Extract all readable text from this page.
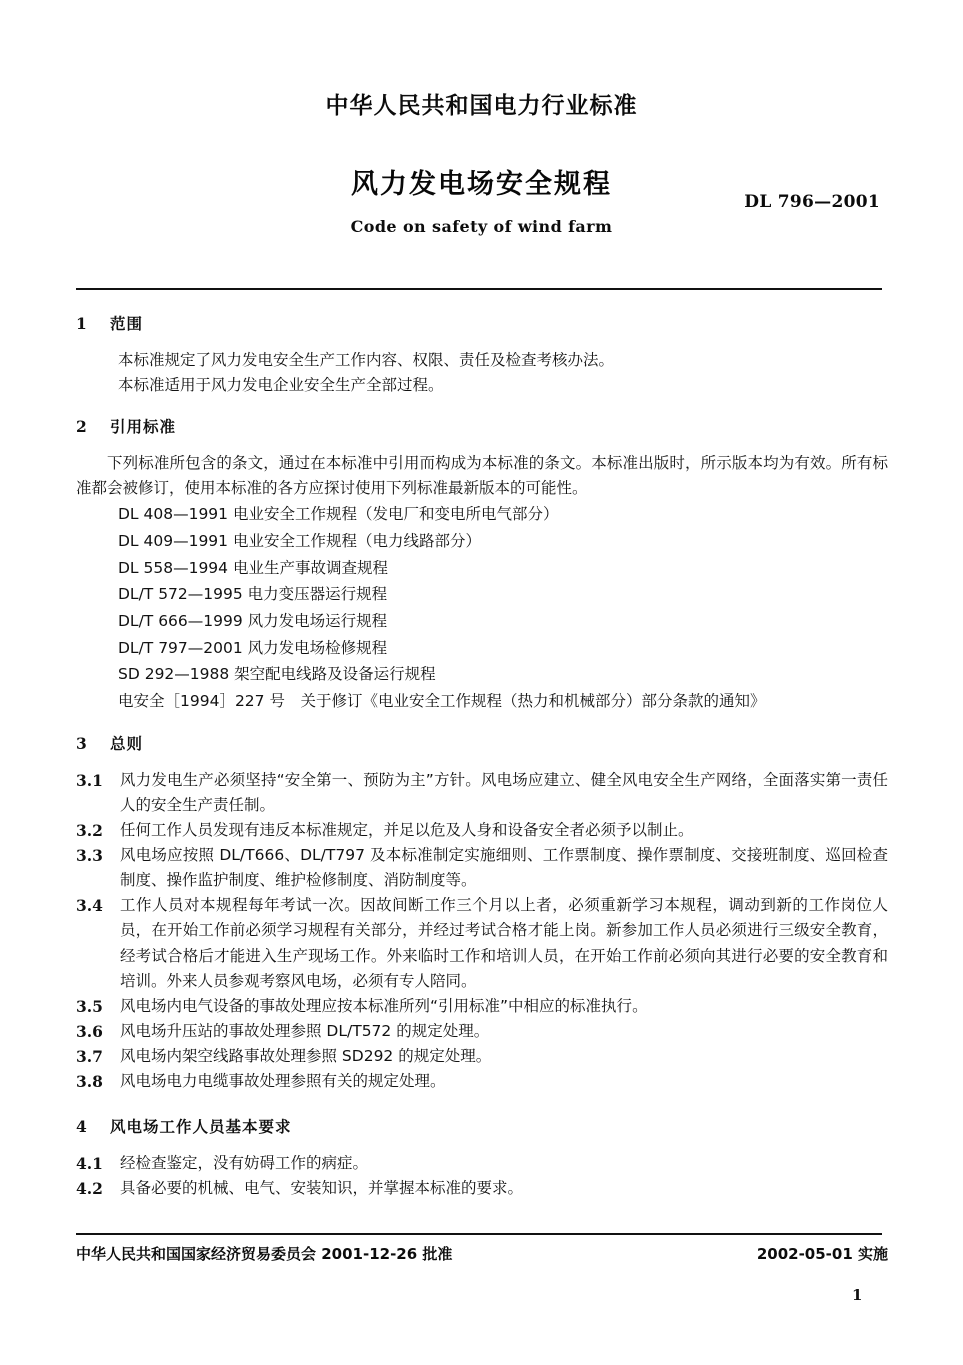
中华人民共和国电力行业标准
风力发电场安全规程
Code on safety of wind farm
DL 796—2001
1	范围
本标准规定了风力发电安全生产工作内容、权限、责任及检查考核办法。
本标准适用于风力发电企业安全生产全部过程。
2	引用标准
下列标准所包含的条文，通过在本标准中引用而构成为本标准的条文。本标准出版时，所示版本均为有效。所有标准都会被修订，使用本标准的各方应探讨使用下列标准最新版本的可能性。
DL 408—1991 电业安全工作规程（发电厂和变电所电气部分）
DL 409—1991 电业安全工作规程（电力线路部分）
DL 558—1994 电业生产事故调查规程
DL/T 572—1995 电力变压器运行规程
DL/T 666—1999 风力发电场运行规程
DL/T 797—2001 风力发电场检修规程
SD 292—1988 架空配电线路及设备运行规程
电安全［1994］227 号　关于修订《电业安全工作规程（热力和机械部分）部分条款的通知》
3	总则
3.1	风力发电生产必须坚持“安全第一、预防为主”方针。风电场应建立、健全风电安全生产网络，全面落实第一责任人的安全生产责任制。
3.2	任何工作人员发现有违反本标准规定，并足以危及人身和设备安全者必须予以制止。
3.3	风电场应按照 DL/T666、DL/T797 及本标准制定实施细则、工作票制度、操作票制度、交接班制度、巡回检查制度、操作监护制度、维护检修制度、消防制度等。
3.4	工作人员对本规程每年考试一次。因故间断工作三个月以上者，必须重新学习本规程，调动到新的工作岗位人员，在开始工作前必须学习规程有关部分，并经过考试合格才能上岗。新参加工作人员必须进行三级安全教育，经考试合格后才能进入生产现场工作。外来临时工作和培训人员，在开始工作前必须向其进行必要的安全教育和培训。外来人员参观考察风电场，必须有专人陪同。
3.5	风电场内电气设备的事故处理应按本标准所列“引用标准”中相应的标准执行。
3.6	风电场升压站的事故处理参照 DL/T572 的规定处理。
3.7	风电场内架空线路事故处理参照 SD292 的规定处理。
3.8	风电场电力电缆事故处理参照有关的规定处理。
4	风电场工作人员基本要求
4.1	经检查鉴定，没有妨碍工作的病症。
4.2	具备必要的机械、电气、安装知识，并掌握本标准的要求。
中华人民共和国国家经济贸易委员会 2001-12-26 批准	2002-05-01 实施
1
